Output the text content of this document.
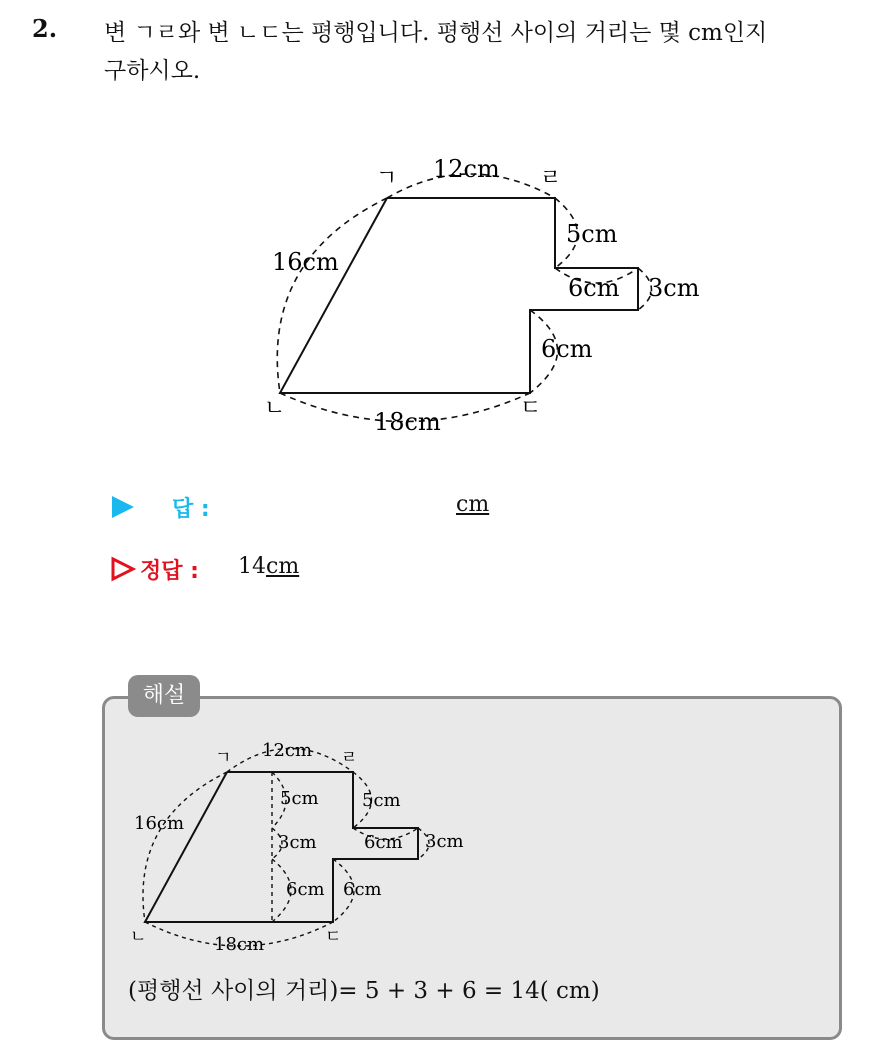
2. 변 ㄱㄹ와 변 ㄴㄷ는 평행입니다. 평행선 사이의 거리는 몇 cm인지

구하시오.

ㄱ	ㄹ
ㄴ	ㄷ
12cm
16cm
18cm
5cm
6cm 3cm
6cm
답 :	cm
정답 : 14cm
해설
ㄱ	ㄹ
ㄴ	ㄷ
12cm
16cm
18cm
5cm
6cm 3cm
6cm
5cm
3cm
6cm
(평행선 사이의 거리)= 5 + 3 + 6 = 14( cm)
